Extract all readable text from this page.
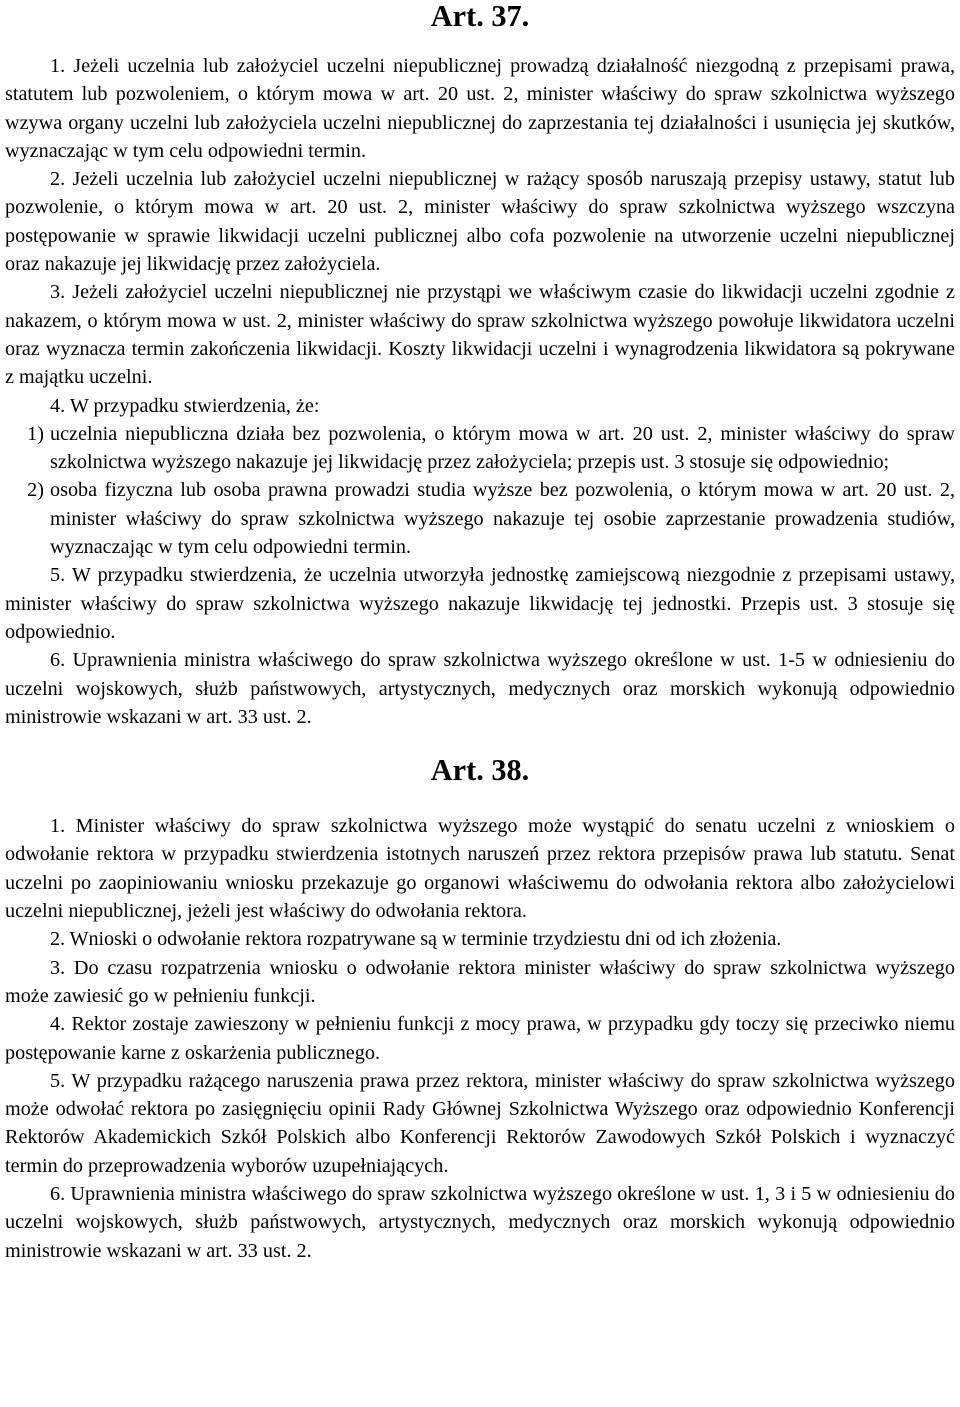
Art. 37.

1. Jeżeli uczelnia lub założyciel uczelni niepublicznej prowadzą działalność niezgodną z przepisami prawa, statutem lub pozwoleniem, o którym mowa w art. 20 ust. 2, minister właściwy do spraw szkolnictwa wyższego wzywa organy uczelni lub założyciela uczelni niepublicznej do zaprzestania tej działalności i usunięcia jej skutków, wyznaczając w tym celu odpowiedni termin.

2. Jeżeli uczelnia lub założyciel uczelni niepublicznej w rażący sposób naruszają przepisy ustawy, statut lub pozwolenie, o którym mowa w art. 20 ust. 2, minister właściwy do spraw szkolnictwa wyższego wszczyna postępowanie w sprawie likwidacji uczelni publicznej albo cofa pozwolenie na utworzenie uczelni niepublicznej oraz nakazuje jej likwidację przez założyciela.

3. Jeżeli założyciel uczelni niepublicznej nie przystąpi we właściwym czasie do likwidacji uczelni zgodnie z nakazem, o którym mowa w ust. 2, minister właściwy do spraw szkolnictwa wyższego powołuje likwidatora uczelni oraz wyznacza termin zakończenia likwidacji. Koszty likwidacji uczelni i wynagrodzenia likwidatora są pokrywane z majątku uczelni.

4. W przypadku stwierdzenia, że:

1) uczelnia niepubliczna działa bez pozwolenia, o którym mowa w art. 20 ust. 2, minister właściwy do spraw szkolnictwa wyższego nakazuje jej likwidację przez założyciela; przepis ust. 3 stosuje się odpowiednio;
2) osoba fizyczna lub osoba prawna prowadzi studia wyższe bez pozwolenia, o którym mowa w art. 20 ust. 2, minister właściwy do spraw szkolnictwa wyższego nakazuje tej osobie zaprzestanie prowadzenia studiów, wyznaczając w tym celu odpowiedni termin.

5. W przypadku stwierdzenia, że uczelnia utworzyła jednostkę zamiejscową niezgodnie z przepisami ustawy, minister właściwy do spraw szkolnictwa wyższego nakazuje likwidację tej jednostki. Przepis ust. 3 stosuje się odpowiednio.

6. Uprawnienia ministra właściwego do spraw szkolnictwa wyższego określone w ust. 1-5 w odniesieniu do uczelni wojskowych, służb państwowych, artystycznych, medycznych oraz morskich wykonują odpowiednio ministrowie wskazani w art. 33 ust. 2.

Art. 38.

1. Minister właściwy do spraw szkolnictwa wyższego może wystąpić do senatu uczelni z wnioskiem o odwołanie rektora w przypadku stwierdzenia istotnych naruszeń przez rektora przepisów prawa lub statutu. Senat uczelni po zaopiniowaniu wniosku przekazuje go organowi właściwemu do odwołania rektora albo założycielowi uczelni niepublicznej, jeżeli jest właściwy do odwołania rektora.

2. Wnioski o odwołanie rektora rozpatrywane są w terminie trzydziestu dni od ich złożenia.

3. Do czasu rozpatrzenia wniosku o odwołanie rektora minister właściwy do spraw szkolnictwa wyższego może zawiesić go w pełnieniu funkcji.

4. Rektor zostaje zawieszony w pełnieniu funkcji z mocy prawa, w przypadku gdy toczy się przeciwko niemu postępowanie karne z oskarżenia publicznego.

5. W przypadku rażącego naruszenia prawa przez rektora, minister właściwy do spraw szkolnictwa wyższego może odwołać rektora po zasięgnięciu opinii Rady Głównej Szkolnictwa Wyższego oraz odpowiednio Konferencji Rektorów Akademickich Szkół Polskich albo Konferencji Rektorów Zawodowych Szkół Polskich i wyznaczyć termin do przeprowadzenia wyborów uzupełniających.

6. Uprawnienia ministra właściwego do spraw szkolnictwa wyższego określone w ust. 1, 3 i 5 w odniesieniu do uczelni wojskowych, służb państwowych, artystycznych, medycznych oraz morskich wykonują odpowiednio ministrowie wskazani w art. 33 ust. 2.
